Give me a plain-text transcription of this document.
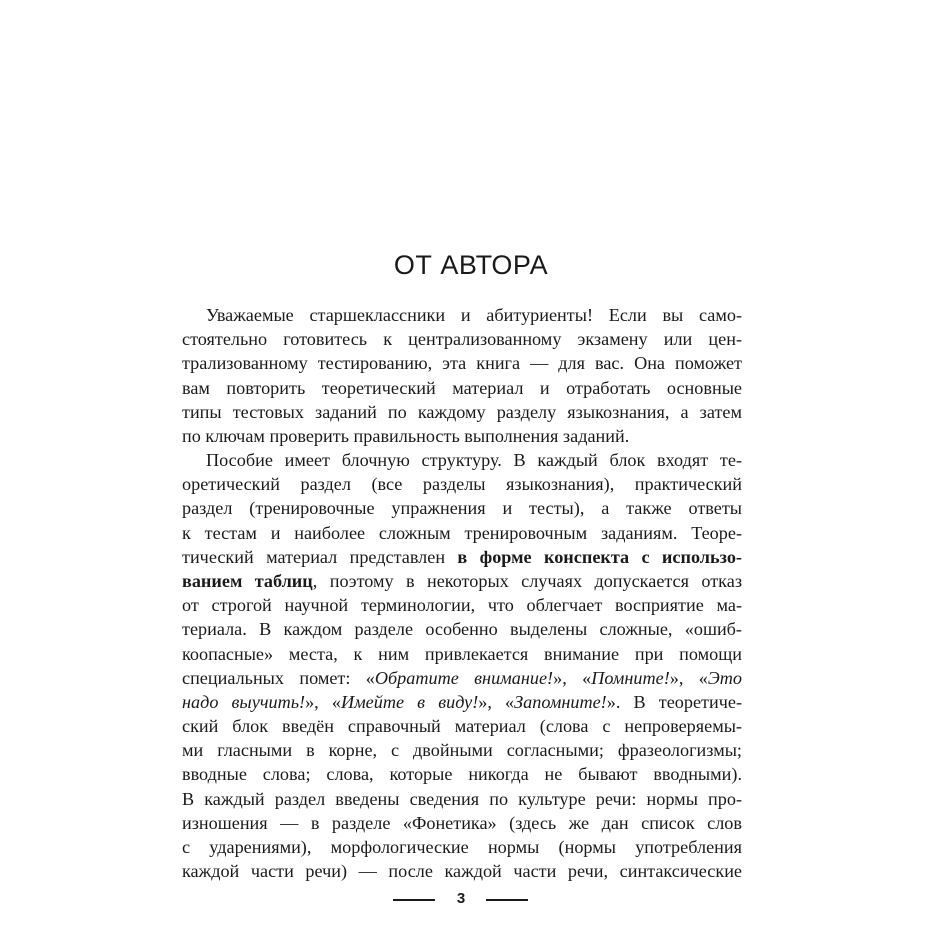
ОТ АВТОРА
Уважаемые старшеклассники и абитуриенты! Если вы само-
стоятельно готовитесь к централизованному экзамену или цен-
трализованному тестированию, эта книга — для вас. Она поможет
вам повторить теоретический материал и отработать основные
типы тестовых заданий по каждому разделу языкознания, а затем
по ключам проверить правильность выполнения заданий.
Пособие имеет блочную структуру. В каждый блок входят те-
оретический раздел (все разделы языкознания), практический
раздел (тренировочные упражнения и тесты), а также ответы
к тестам и наиболее сложным тренировочным заданиям. Теоре-
тический материал представлен в форме конспекта с использо-
ванием таблиц, поэтому в некоторых случаях допускается отказ
от строгой научной терминологии, что облегчает восприятие ма-
териала. В каждом разделе особенно выделены сложные, «ошиб-
коопасные» места, к ним привлекается внимание при помощи
специальных помет: «Обратите внимание!», «Помните!», «Это
надо выучить!», «Имейте в виду!», «Запомните!». В теоретиче-
ский блок введён справочный материал (слова с непроверяемы-
ми гласными в корне, с двойными согласными; фразеологизмы;
вводные слова; слова, которые никогда не бывают вводными).
В каждый раздел введены сведения по культуре речи: нормы про-
изношения — в разделе «Фонетика» (здесь же дан список слов
с ударениями), морфологические нормы (нормы употребления
каждой части речи) — после каждой части речи, синтаксические
3
